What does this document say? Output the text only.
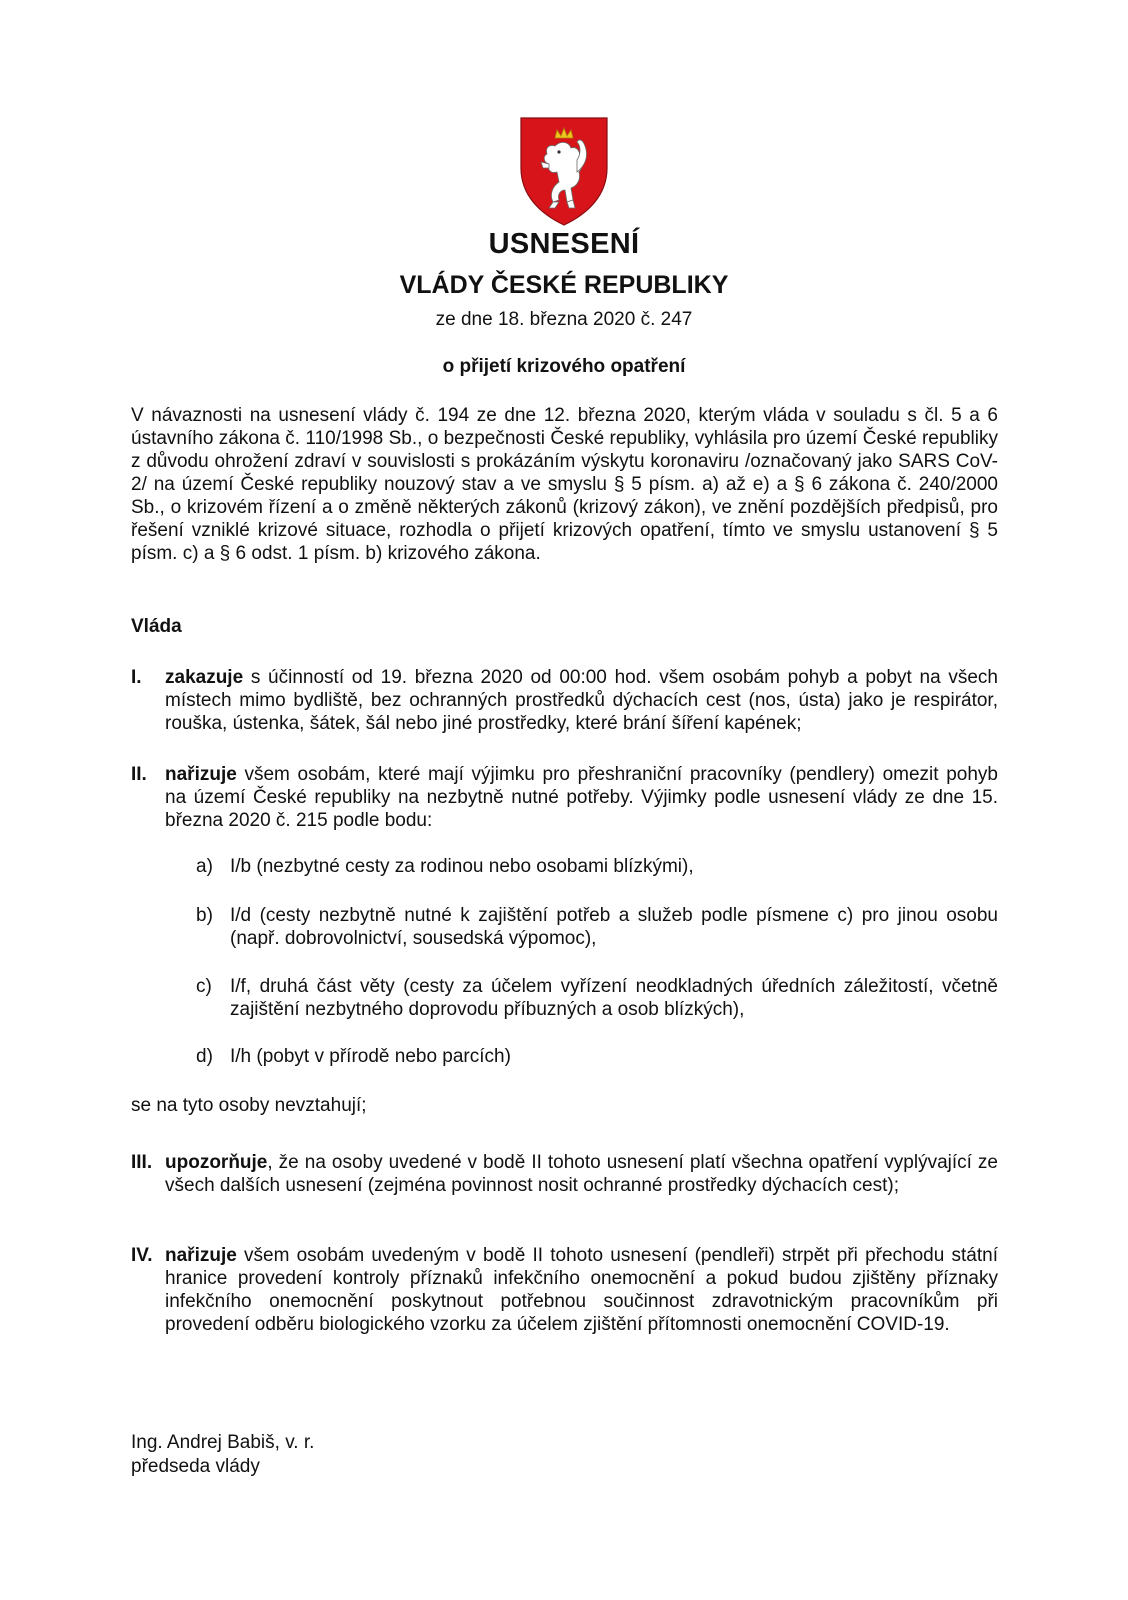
USNESENÍ
VLÁDY ČESKÉ REPUBLIKY
ze dne 18. března 2020 č. 247
o přijetí krizového opatření
V návaznosti na usnesení vlády č. 194 ze dne 12. března 2020, kterým vláda v souladu s čl. 5 a 6 ústavního zákona č. 110/1998 Sb., o bezpečnosti České republiky, vyhlásila pro území České republiky z důvodu ohrožení zdraví v souvislosti s prokázáním výskytu koronaviru /označovaný jako SARS CoV-2/ na území České republiky nouzový stav a ve smyslu § 5 písm. a) až e) a § 6 zákona č. 240/2000 Sb., o krizovém řízení a o změně některých zákonů (krizový zákon), ve znění pozdějších předpisů, pro řešení vzniklé krizové situace, rozhodla o přijetí krizových opatření, tímto ve smyslu ustanovení § 5 písm. c) a § 6 odst. 1 písm. b) krizového zákona.
Vláda
I. zakazuje s účinností od 19. března 2020 od 00:00 hod. všem osobám pohyb a pobyt na všech místech mimo bydliště, bez ochranných prostředků dýchacích cest (nos, ústa) jako je respirátor, rouška, ústenka, šátek, šál nebo jiné prostředky, které brání šíření kapének;
II. nařizuje všem osobám, které mají výjimku pro přeshraniční pracovníky (pendlery) omezit pohyb na území České republiky na nezbytně nutné potřeby. Výjimky podle usnesení vlády ze dne 15. března 2020 č. 215 podle bodu:
a) I/b (nezbytné cesty za rodinou nebo osobami blízkými),
b) I/d (cesty nezbytně nutné k zajištění potřeb a služeb podle písmene c) pro jinou osobu (např. dobrovolnictví, sousedská výpomoc),
c) I/f, druhá část věty (cesty za účelem vyřízení neodkladných úředních záležitostí, včetně zajištění nezbytného doprovodu příbuzných a osob blízkých),
d) I/h (pobyt v přírodě nebo parcích)
se na tyto osoby nevztahují;
III. upozorňuje, že na osoby uvedené v bodě II tohoto usnesení platí všechna opatření vyplývající ze všech dalších usnesení (zejména povinnost nosit ochranné prostředky dýchacích cest);
IV. nařizuje všem osobám uvedeným v bodě II tohoto usnesení (pendleři) strpět při přechodu státní hranice provedení kontroly příznaků infekčního onemocnění a pokud budou zjištěny příznaky infekčního onemocnění poskytnout potřebnou součinnost zdravotnickým pracovníkům při provedení odběru biologického vzorku za účelem zjištění přítomnosti onemocnění COVID-19.
Ing. Andrej Babiš, v. r.
předseda vlády
